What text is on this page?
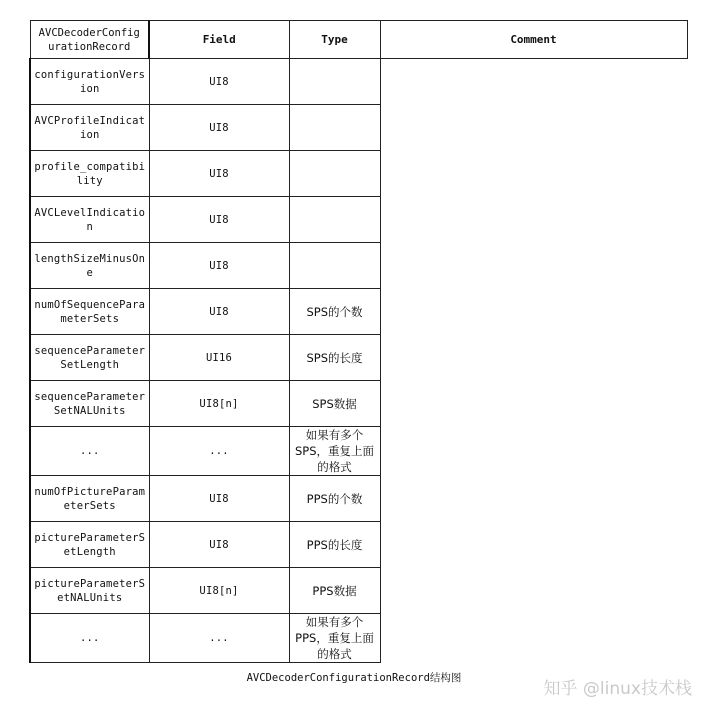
AVCDecoderConfigurationRecord	Field	Type	Comment
configurationVersion	UI8		
AVCProfileIndication	UI8		
profile_compatibility	UI8		
AVCLevelIndication	UI8		
lengthSizeMinusOne	UI8		
numOfSequenceParameterSets	UI8	SPS的个数	
sequenceParameterSetLength	UI16	SPS的长度	
sequenceParameterSetNALUnits	UI8[n]	SPS数据	
...	...	如果有多个SPS，重复上面的格式	
numOfPictureParameterSets	UI8	PPS的个数	
pictureParameterSetLength	UI8	PPS的长度	
pictureParameterSetNALUnits	UI8[n]	PPS数据	
...	...	如果有多个PPS，重复上面的格式	
AVCDecoderConfigurationRecord结构图
知乎 @linux技术栈
